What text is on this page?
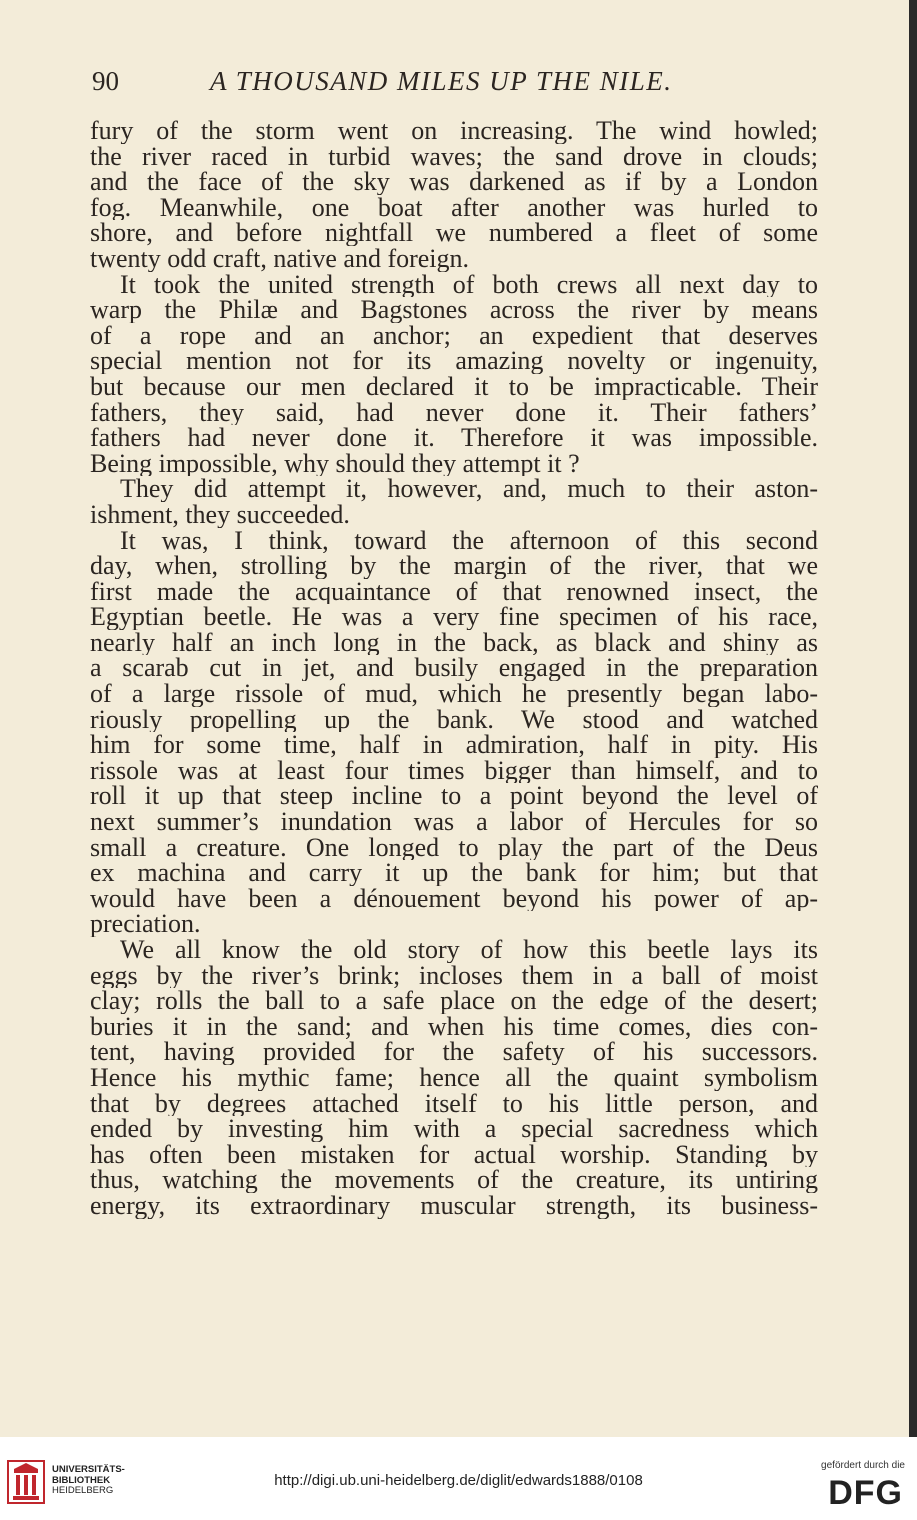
90	A THOUSAND MILES UP THE NILE.
fury of the storm went on increasing. The wind howled;
the river raced in turbid waves; the sand drove in clouds;
and the face of the sky was darkened as if by a London
fog. Meanwhile, one boat after another was hurled to
shore, and before nightfall we numbered a fleet of some
twenty odd craft, native and foreign.
It took the united strength of both crews all next day to
warp the Philæ and Bagstones across the river by means
of a rope and an anchor; an expedient that deserves
special mention not for its amazing novelty or ingenuity,
but because our men declared it to be impracticable. Their
fathers, they said, had never done it. Their fathers’
fathers had never done it. Therefore it was impossible.
Being impossible, why should they attempt it ?
They did attempt it, however, and, much to their aston-
ishment, they succeeded.
It was, I think, toward the afternoon of this second
day, when, strolling by the margin of the river, that we
first made the acquaintance of that renowned insect, the
Egyptian beetle. He was a very fine specimen of his race,
nearly half an inch long in the back, as black and shiny as
a scarab cut in jet, and busily engaged in the preparation
of a large rissole of mud, which he presently began labo-
riously propelling up the bank. We stood and watched
him for some time, half in admiration, half in pity. His
rissole was at least four times bigger than himself, and to
roll it up that steep incline to a point beyond the level of
next summer’s inundation was a labor of Hercules for so
small a creature. One longed to play the part of the Deus
ex machina and carry it up the bank for him; but that
would have been a dénouement beyond his power of ap-
preciation.
We all know the old story of how this beetle lays its
eggs by the river’s brink; incloses them in a ball of moist
clay; rolls the ball to a safe place on the edge of the desert;
buries it in the sand; and when his time comes, dies con-
tent, having provided for the safety of his successors.
Hence his mythic fame; hence all the quaint symbolism
that by degrees attached itself to his little person, and
ended by investing him with a special sacredness which
has often been mistaken for actual worship. Standing by
thus, watching the movements of the creature, its untiring
energy, its extraordinary muscular strength, its business-
UNIVERSITÄTS-
BIBLIOTHEK
HEIDELBERG
http://digi.ub.uni-heidelberg.de/diglit/edwards1888/0108
gefördert durch die
DFG
